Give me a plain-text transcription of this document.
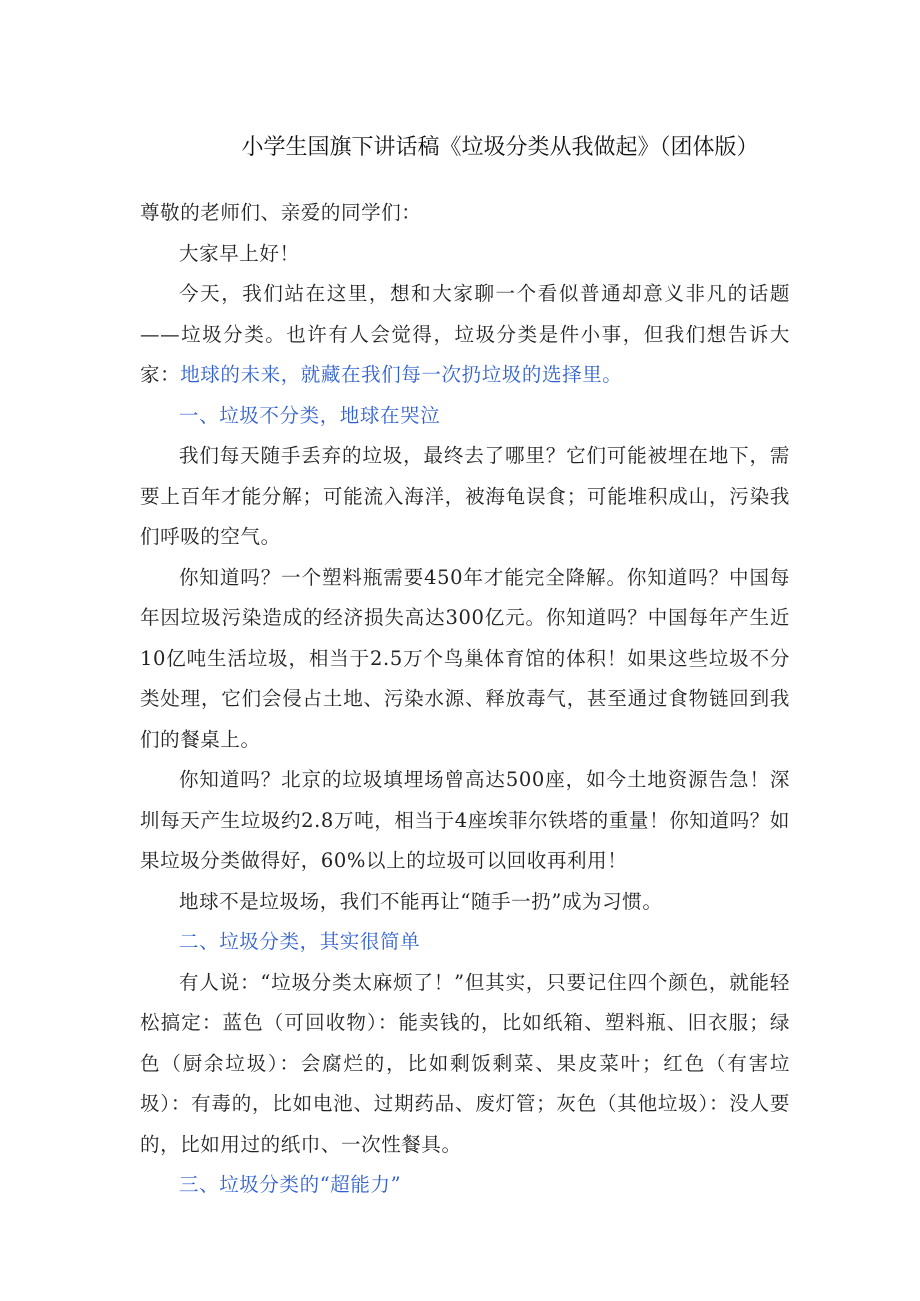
小学生国旗下讲话稿《垃圾分类从我做起》（团体版）

尊敬的老师们、亲爱的同学们：

大家早上好！

今天，我们站在这里，想和大家聊一个看似普通却意义非凡的话题——垃圾分类。也许有人会觉得，垃圾分类是件小事，但我们想告诉大家：地球的未来，就藏在我们每一次扔垃圾的选择里。

一、垃圾不分类，地球在哭泣

我们每天随手丢弃的垃圾，最终去了哪里？它们可能被埋在地下，需要上百年才能分解；可能流入海洋，被海龟误食；可能堆积成山，污染我们呼吸的空气。

你知道吗？一个塑料瓶需要450年才能完全降解。你知道吗？中国每年因垃圾污染造成的经济损失高达300亿元。你知道吗？中国每年产生近10亿吨生活垃圾，相当于2.5万个鸟巢体育馆的体积！如果这些垃圾不分类处理，它们会侵占土地、污染水源、释放毒气，甚至通过食物链回到我们的餐桌上。

你知道吗？北京的垃圾填埋场曾高达500座，如今土地资源告急！深圳每天产生垃圾约2.8万吨，相当于4座埃菲尔铁塔的重量！你知道吗？如果垃圾分类做得好，60%以上的垃圾可以回收再利用！

地球不是垃圾场，我们不能再让“随手一扔”成为习惯。

二、垃圾分类，其实很简单

有人说：“垃圾分类太麻烦了！”但其实，只要记住四个颜色，就能轻松搞定：蓝色（可回收物）：能卖钱的，比如纸箱、塑料瓶、旧衣服；绿色（厨余垃圾）：会腐烂的，比如剩饭剩菜、果皮菜叶；红色（有害垃圾）：有毒的，比如电池、过期药品、废灯管；灰色（其他垃圾）：没人要的，比如用过的纸巾、一次性餐具。

三、垃圾分类的“超能力”
